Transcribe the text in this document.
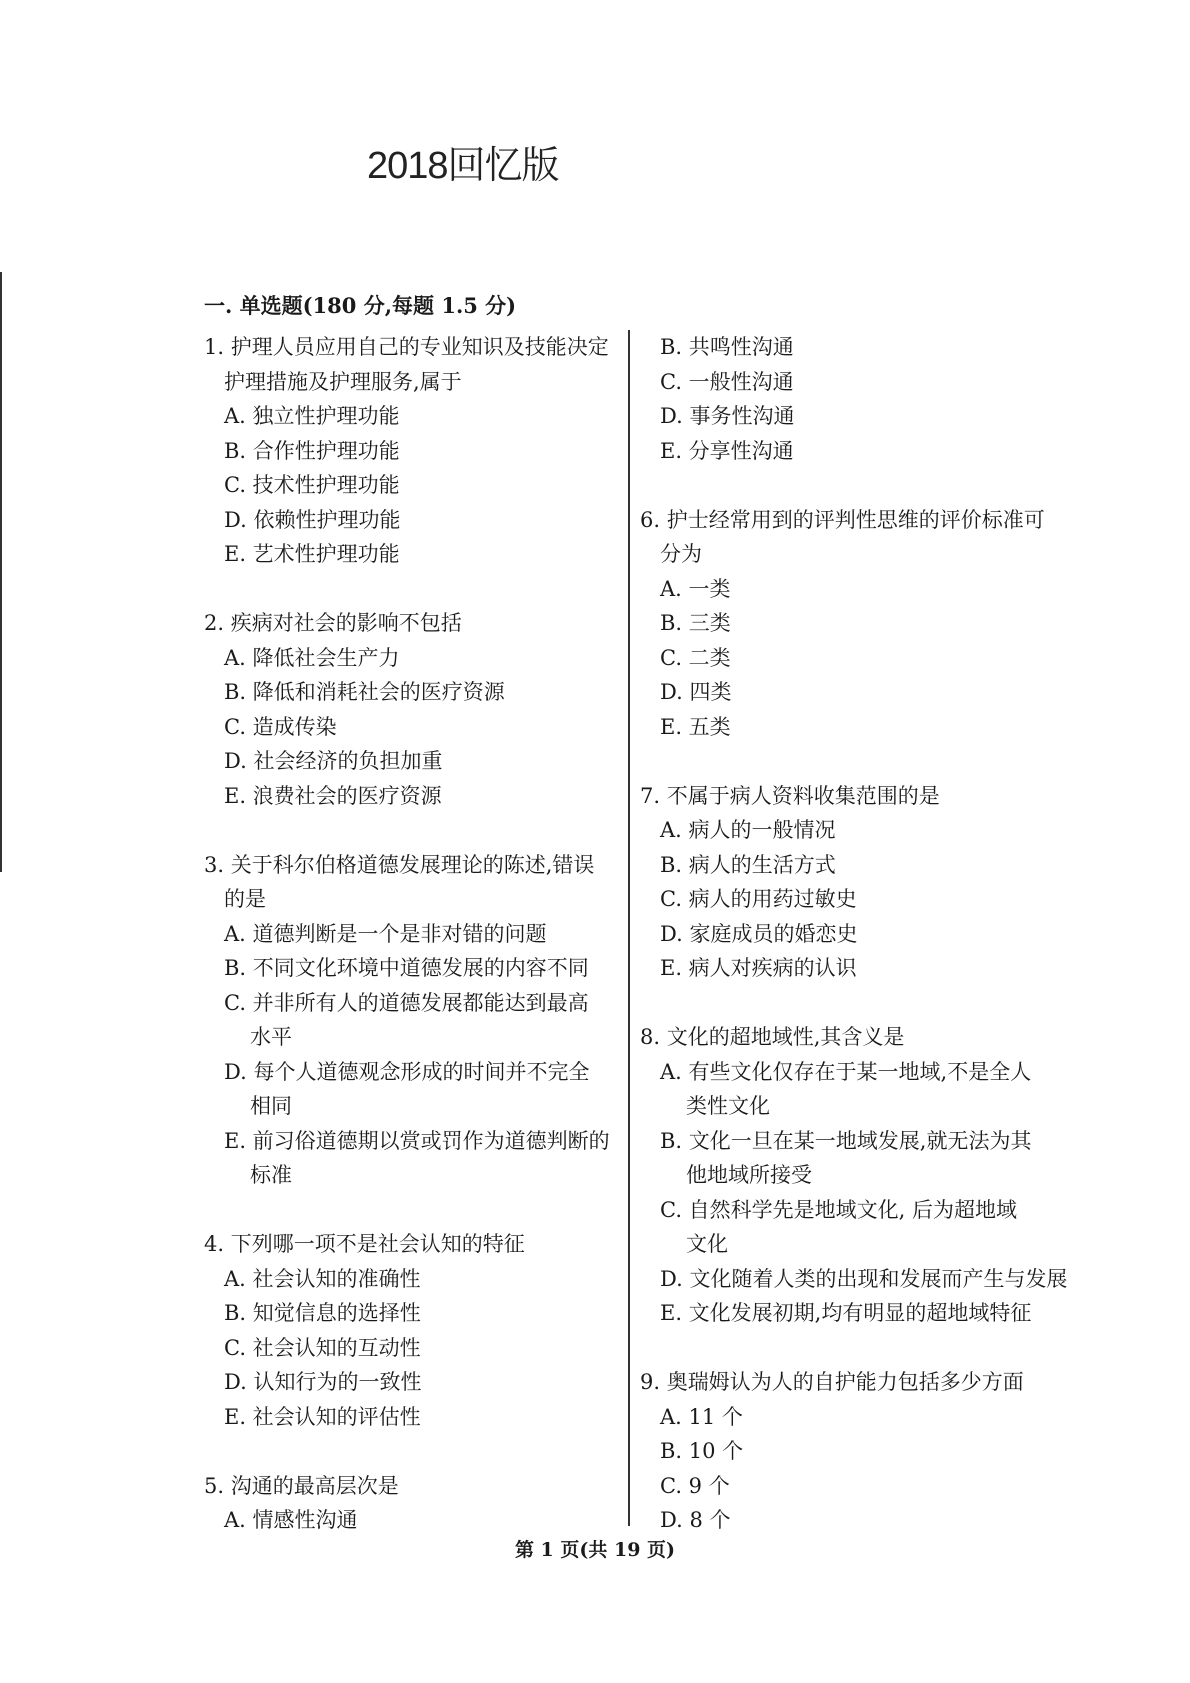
2018回忆版
一. 单选题(180 分,每题 1.5 分)
1. 护理人员应用自己的专业知识及技能决定
护理措施及护理服务,属于
A. 独立性护理功能
B. 合作性护理功能
C. 技术性护理功能
D. 依赖性护理功能
E. 艺术性护理功能
2. 疾病对社会的影响不包括
A. 降低社会生产力
B. 降低和消耗社会的医疗资源
C. 造成传染
D. 社会经济的负担加重
E. 浪费社会的医疗资源
3. 关于科尔伯格道德发展理论的陈述,错误
的是
A. 道德判断是一个是非对错的问题
B. 不同文化环境中道德发展的内容不同
C. 并非所有人的道德发展都能达到最高
水平
D. 每个人道德观念形成的时间并不完全
相同
E. 前习俗道德期以赏或罚作为道德判断的
标准
4. 下列哪一项不是社会认知的特征
A. 社会认知的准确性
B. 知觉信息的选择性
C. 社会认知的互动性
D. 认知行为的一致性
E. 社会认知的评估性
5. 沟通的最高层次是
A. 情感性沟通
B. 共鸣性沟通
C. 一般性沟通
D. 事务性沟通
E. 分享性沟通
6. 护士经常用到的评判性思维的评价标准可
分为
A. 一类
B. 三类
C. 二类
D. 四类
E. 五类
7. 不属于病人资料收集范围的是
A. 病人的一般情况
B. 病人的生活方式
C. 病人的用药过敏史
D. 家庭成员的婚恋史
E. 病人对疾病的认识
8. 文化的超地域性,其含义是
A. 有些文化仅存在于某一地域,不是全人
类性文化
B. 文化一旦在某一地域发展,就无法为其
他地域所接受
C. 自然科学先是地域文化, 后为超地域
文化
D. 文化随着人类的出现和发展而产生与发展
E. 文化发展初期,均有明显的超地域特征
9. 奥瑞姆认为人的自护能力包括多少方面
A. 11 个
B. 10 个
C. 9 个
D. 8 个
第 1 页(共 19 页)
